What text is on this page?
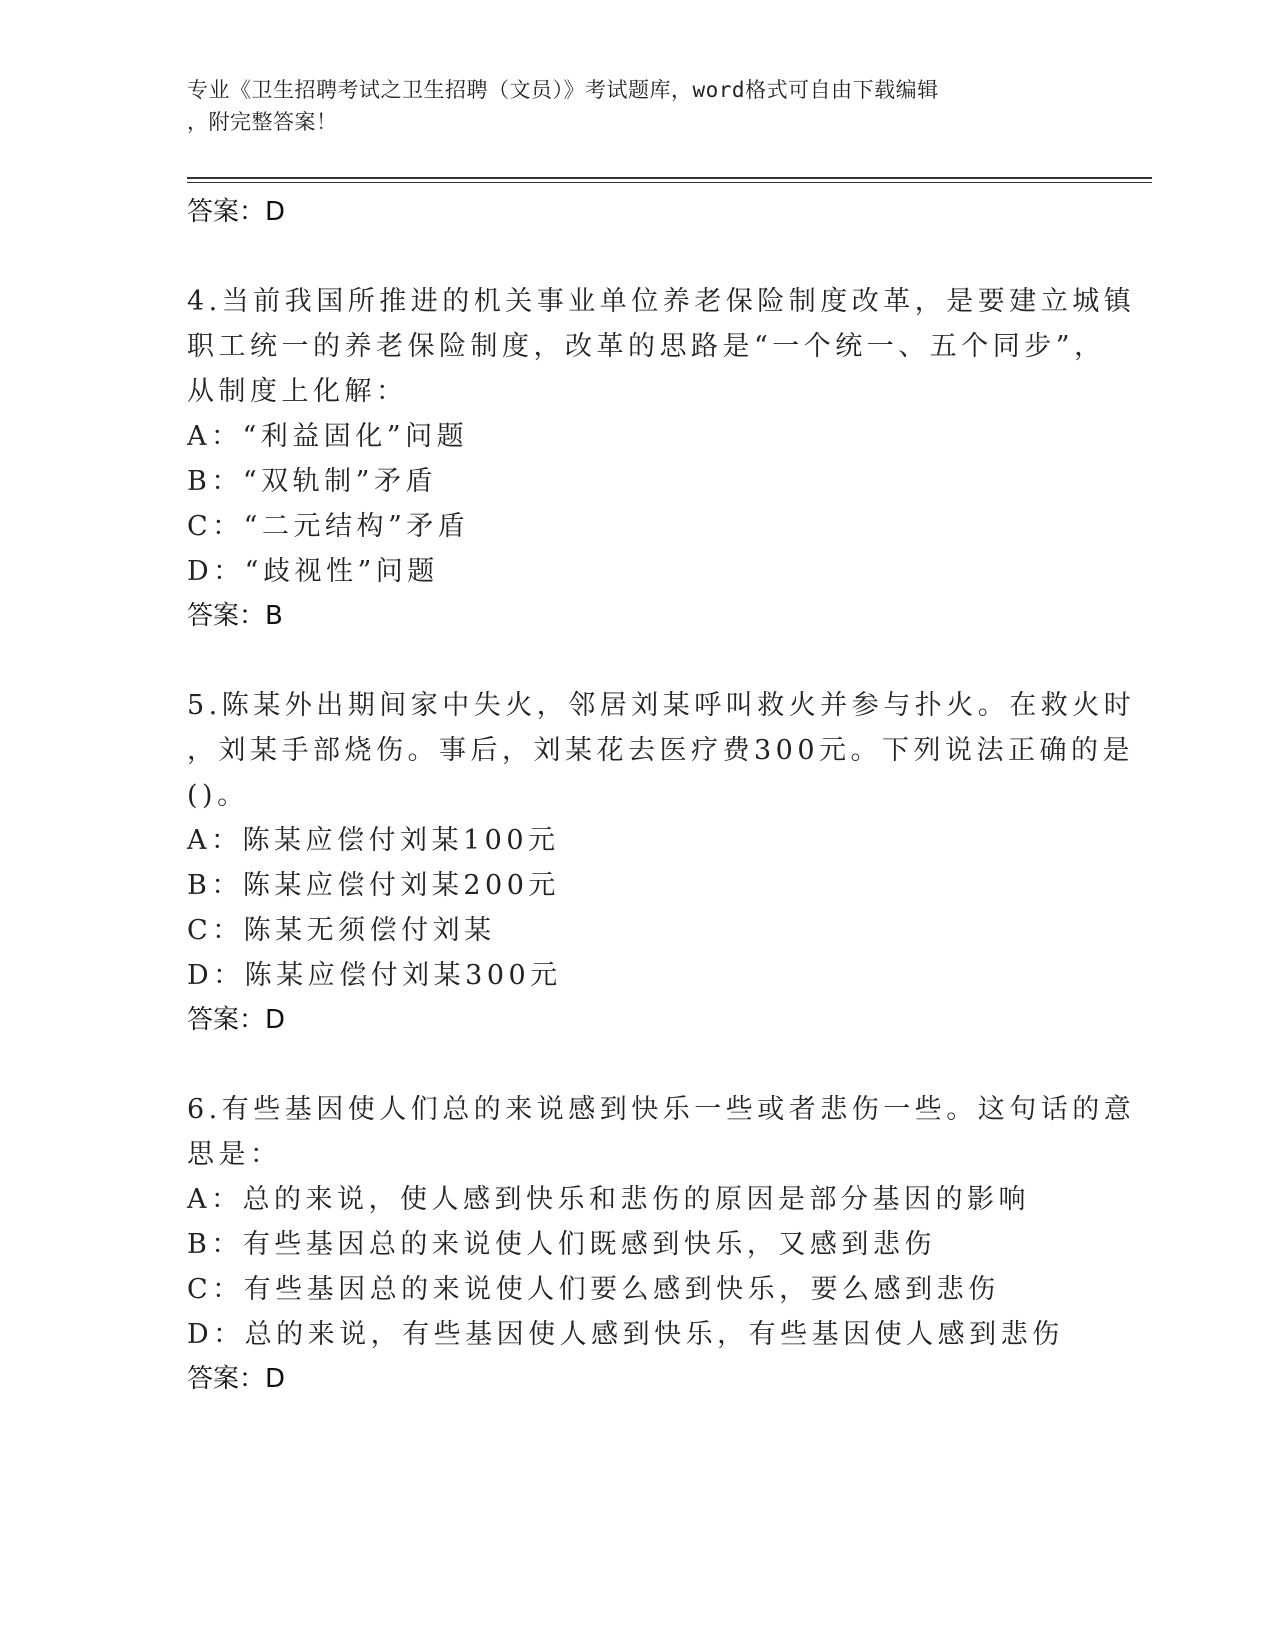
专业《卫生招聘考试之卫生招聘（文员）》考试题库，word格式可自由下载编辑
，附完整答案！
答案：D
4.当前我国所推进的机关事业单位养老保险制度改革，是要建立城镇
职工统一的养老保险制度，改革的思路是“一个统一、五个同步”，
从制度上化解：
A：“利益固化”问题
B：“双轨制”矛盾
C：“二元结构”矛盾
D：“歧视性”问题
答案：B
5.陈某外出期间家中失火，邻居刘某呼叫救火并参与扑火。在救火时
，刘某手部烧伤。事后，刘某花去医疗费300元。下列说法正确的是
()。
A：陈某应偿付刘某100元
B：陈某应偿付刘某200元
C：陈某无须偿付刘某
D：陈某应偿付刘某300元
答案：D
6.有些基因使人们总的来说感到快乐一些或者悲伤一些。这句话的意
思是：
A：总的来说，使人感到快乐和悲伤的原因是部分基因的影响
B：有些基因总的来说使人们既感到快乐，又感到悲伤
C：有些基因总的来说使人们要么感到快乐，要么感到悲伤
D：总的来说，有些基因使人感到快乐，有些基因使人感到悲伤
答案：D
